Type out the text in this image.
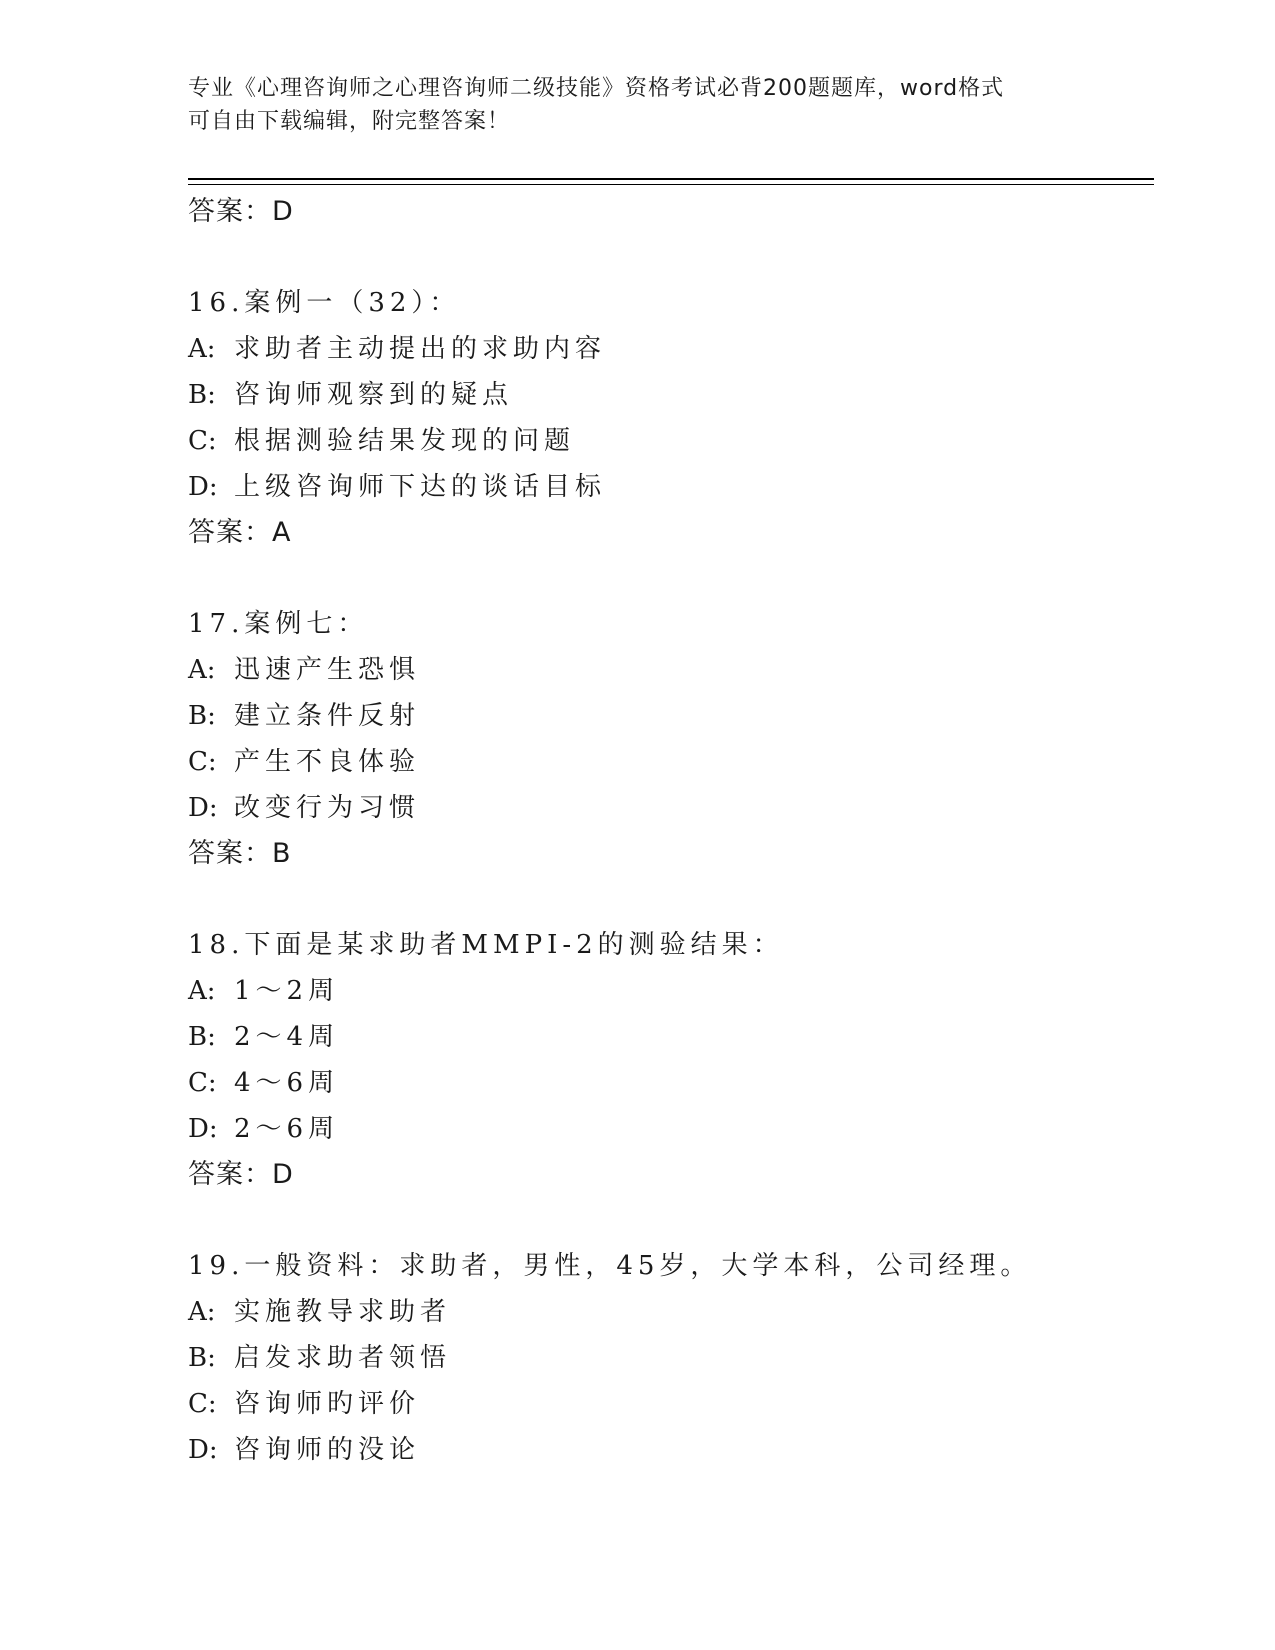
专业《心理咨询师之心理咨询师二级技能》资格考试必背200题题库，word格式
可自由下载编辑，附完整答案！
答案：D
16.案例一（32）：
A: 求助者主动提出的求助内容
B: 咨询师观察到的疑点
C: 根据测验结果发现的问题
D: 上级咨询师下达的谈话目标
答案：A
17.案例七：
A: 迅速产生恐惧
B: 建立条件反射
C: 产生不良体验
D: 改变行为习惯
答案：B
18.下面是某求助者MMPI-2的测验结果：
A: 1～2周
B: 2～4周
C: 4～6周
D: 2～6周
答案：D
19.一般资料：求助者，男性，45岁，大学本科，公司经理。
A: 实施教导求助者
B: 启发求助者领悟
C: 咨询师旳评价
D: 咨询师的没论
